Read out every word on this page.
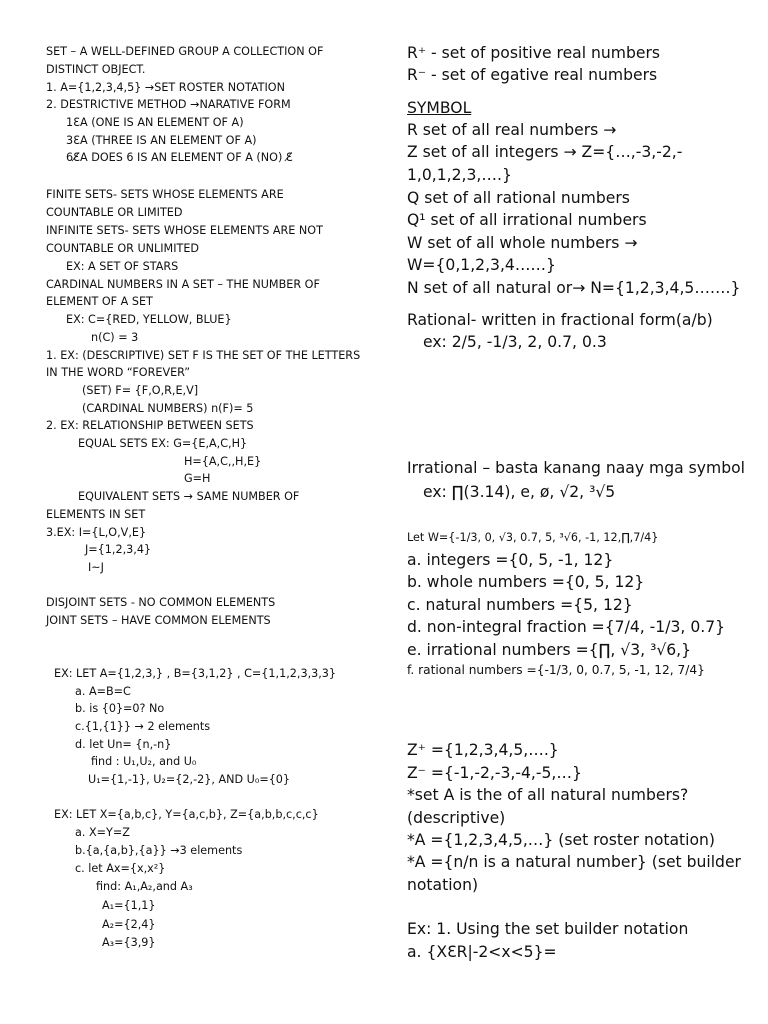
SET – A WELL-DEFINED GROUP A COLLECTION OF
DISTINCT OBJECT.
1. A={1,2,3,4,5} →SET ROSTER NOTATION
2. DESTRICTIVE METHOD →NARATIVE FORM
1ƐA (ONE IS AN ELEMENT OF A)
3ƐA (THREE IS AN ELEMENT OF A)
6Ɛ̸A DOES 6 IS AN ELEMENT OF A (NO) Ɛ̸
FINITE SETS- SETS WHOSE ELEMENTS ARE
COUNTABLE OR LIMITED
INFINITE SETS- SETS WHOSE ELEMENTS ARE NOT
COUNTABLE OR UNLIMITED
EX: A SET OF STARS
CARDINAL NUMBERS IN A SET – THE NUMBER OF
ELEMENT OF A SET
EX: C={RED, YELLOW, BLUE}
n(C) = 3
1. EX: (DESCRIPTIVE) SET F IS THE SET OF THE LETTERS
IN THE WORD “FOREVER”
(SET) F= {F,O,R,E,V]
(CARDINAL NUMBERS) n(F)= 5
2. EX: RELATIONSHIP BETWEEN SETS
EQUAL SETS EX: G={E,A,C,H}
H={A,C,,H,E}
G=H
EQUIVALENT SETS → SAME NUMBER OF
ELEMENTS IN SET
3.EX: I={L,O,V,E}
J={1,2,3,4}
I~J
DISJOINT SETS - NO COMMON ELEMENTS
JOINT SETS – HAVE COMMON ELEMENTS
EX: LET A={1,2,3,} , B={3,1,2} , C={1,1,2,3,3,3}
a. A=B=C
b. is {0}=0? No
c.{1,{1}} → 2 elements
d. let Un= {n,-n}
find : U₁,U₂, and U₀
U₁={1,-1}, U₂={2,-2}, AND U₀={0}
EX: LET X={a,b,c}, Y={a,c,b}, Z={a,b,b,c,c,c}
a. X=Y=Z
b.{a,{a,b},{a}} →3 elements
c. let Ax={x,x²}
find: A₁,A₂,and A₃
A₁={1,1}
A₂={2,4}
A₃={3,9}
R⁺ - set of positive real numbers
R⁻ - set of egative real numbers
SYMBOL
R set of all real numbers →
Z set of all integers → Z={…,-3,-2,-
1,0,1,2,3,….}
Q set of all rational numbers
Q¹ set of all irrational numbers
W set of all whole numbers →
W={0,1,2,3,4……}
N set of all natural or→ N={1,2,3,4,5…….}
Rational- written in fractional form(a/b)
ex: 2/5, -1/3, 2, 0.7, 0.3
Irrational – basta kanang naay mga symbol
ex: ∏(3.14), e, ø, √2, ³√5
Let W={-1/3, 0, √3, 0.7, 5, ³√6, -1, 12,∏,7/4}
a. integers ={0, 5, -1, 12}
b. whole numbers ={0, 5, 12}
c. natural numbers ={5, 12}
d. non-integral fraction ={7/4, -1/3, 0.7}
e. irrational numbers ={∏, √3, ³√6,}
f. rational numbers ={-1/3, 0, 0.7, 5, -1, 12, 7/4}
Z⁺ ={1,2,3,4,5,….}
Z⁻ ={-1,-2,-3,-4,-5,…}
*set A is the of all natural numbers?
(descriptive)
*A ={1,2,3,4,5,…} (set roster notation)
*A ={n/n is a natural number} (set builder
notation)
Ex: 1. Using the set builder notation
a. {XƐR|-2<x<5}=
